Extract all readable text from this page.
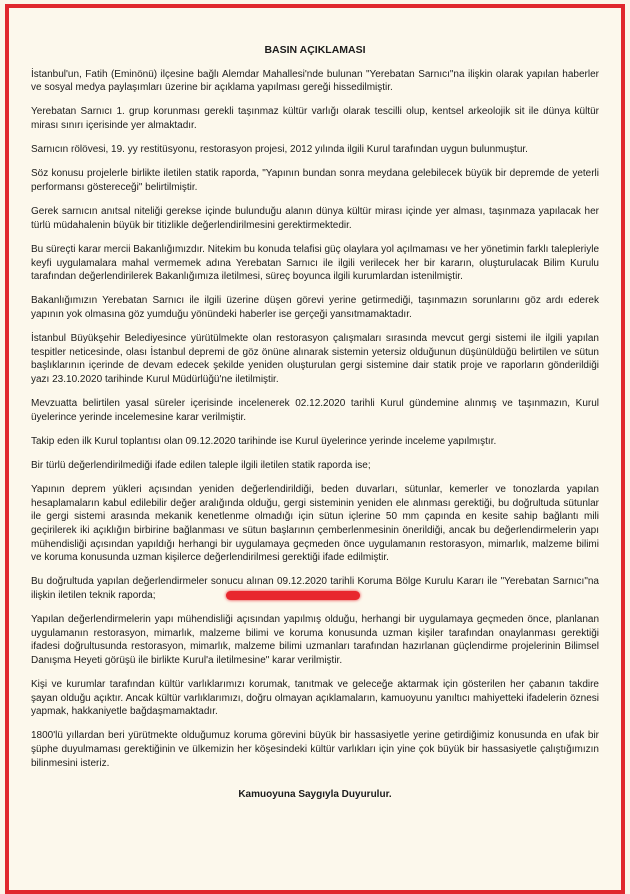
BASIN AÇIKLAMASI

İstanbul'un, Fatih (Eminönü) ilçesine bağlı Alemdar Mahallesi'nde bulunan "Yerebatan Sarnıcı"na ilişkin olarak yapılan haberler ve sosyal medya paylaşımları üzerine bir açıklama yapılması gereği hissedilmiştir.

Yerebatan Sarnıcı 1. grup korunması gerekli taşınmaz kültür varlığı olarak tescilli olup, kentsel arkeolojik sit ile dünya kültür mirası sınırı içerisinde yer almaktadır.

Sarnıcın rölövesi, 19. yy restitüsyonu, restorasyon projesi, 2012 yılında ilgili Kurul tarafından uygun bulunmuştur.

Söz konusu projelerle birlikte iletilen statik raporda, "Yapının bundan sonra meydana gelebilecek büyük bir depremde de yeterli performansı göstereceği" belirtilmiştir.

Gerek sarnıcın anıtsal niteliği gerekse içinde bulunduğu alanın dünya kültür mirası içinde yer alması, taşınmaza yapılacak her türlü müdahalenin büyük bir titizlikle değerlendirilmesini gerektirmektedir.

Bu süreçti karar mercii Bakanlığımızdır. Nitekim bu konuda telafisi güç olaylara yol açılmaması ve her yönetimin farklı talepleriyle keyfi uygulamalara mahal vermemek adına Yerebatan Sarnıcı ile ilgili verilecek her bir kararın, oluşturulacak Bilim Kurulu tarafından değerlendirilerek Bakanlığımıza iletilmesi, süreç boyunca ilgili kurumlardan istenilmiştir.

Bakanlığımızın Yerebatan Sarnıcı ile ilgili üzerine düşen görevi yerine getirmediği, taşınmazın sorunlarını göz ardı ederek yapının yok olmasına göz yumduğu yönündeki haberler ise gerçeği yansıtmamaktadır.

İstanbul Büyükşehir Belediyesince yürütülmekte olan restorasyon çalışmaları sırasında mevcut gergi sistemi ile ilgili yapılan tespitler neticesinde, olası İstanbul depremi de göz önüne alınarak sistemin yetersiz olduğunun düşünüldüğü belirtilen ve sütun başlıklarının içerinde de devam edecek şekilde yeniden oluşturulan gergi sistemine dair statik proje ve raporların gönderildiği yazı 23.10.2020 tarihinde Kurul Müdürlüğü'ne iletilmiştir.

Mevzuatta belirtilen yasal süreler içerisinde incelenerek 02.12.2020 tarihli Kurul gündemine alınmış ve taşınmazın, Kurul üyelerince yerinde incelemesine karar verilmiştir.

Takip eden ilk Kurul toplantısı olan 09.12.2020 tarihinde ise Kurul üyelerince yerinde inceleme yapılmıştır.

Bir türlü değerlendirilmediği ifade edilen taleple ilgili iletilen statik raporda ise;

Yapının deprem yükleri açısından yeniden değerlendirildiği, beden duvarları, sütunlar, kemerler ve tonozlarda yapılan hesaplamaların kabul edilebilir değer aralığında olduğu, gergi sisteminin yeniden ele alınması gerektiği, bu doğrultuda sütunlar ile gergi sistemi arasında mekanik kenetlenme olmadığı için sütun içlerine 50 mm çapında en kesite sahip bağlantı mili geçirilerek iki açıklığın birbirine bağlanması ve sütun başlarının çemberlenmesinin önerildiği, ancak bu değerlendirmelerin yapı mühendisliği açısından yapıldığı herhangi bir uygulamaya geçmeden önce uygulamanın restorasyon, mimarlık, malzeme bilimi ve koruma konusunda uzman kişilerce değerlendirilmesi gerektiği ifade edilmiştir.

Bu doğrultuda yapılan değerlendirmeler sonucu alınan 09.12.2020 tarihli Koruma Bölge Kurulu Kararı ile "Yerebatan Sarnıcı"na ilişkin iletilen teknik raporda;

Yapılan değerlendirmelerin yapı mühendisliği açısından yapılmış olduğu, herhangi bir uygulamaya geçmeden önce, planlanan uygulamanın restorasyon, mimarlık, malzeme bilimi ve koruma konusunda uzman kişiler tarafından onaylanması gerektiği ifadesi doğrultusunda restorasyon, mimarlık, malzeme bilimi uzmanları tarafından hazırlanan güçlendirme projelerinin Bilimsel Danışma Heyeti görüşü ile birlikte Kurul'a iletilmesine" karar verilmiştir.

Kişi ve kurumlar tarafından kültür varlıklarımızı korumak, tanıtmak ve geleceğe aktarmak için gösterilen her çabanın takdire şayan olduğu açıktır. Ancak kültür varlıklarımızı, doğru olmayan açıklamaların, kamuoyunu yanıltıcı mahiyetteki ifadelerin öznesi yapmak, hakkaniyetle bağdaşmamaktadır.

1800'lü yıllardan beri yürütmekte olduğumuz koruma görevini büyük bir hassasiyetle yerine getirdiğimiz konusunda en ufak bir şüphe duyulmaması gerektiğinin ve ülkemizin her köşesindeki kültür varlıkları için yine çok büyük bir hassasiyetle çalıştığımızın bilinmesini isteriz.

Kamuoyuna Saygıyla Duyurulur.
